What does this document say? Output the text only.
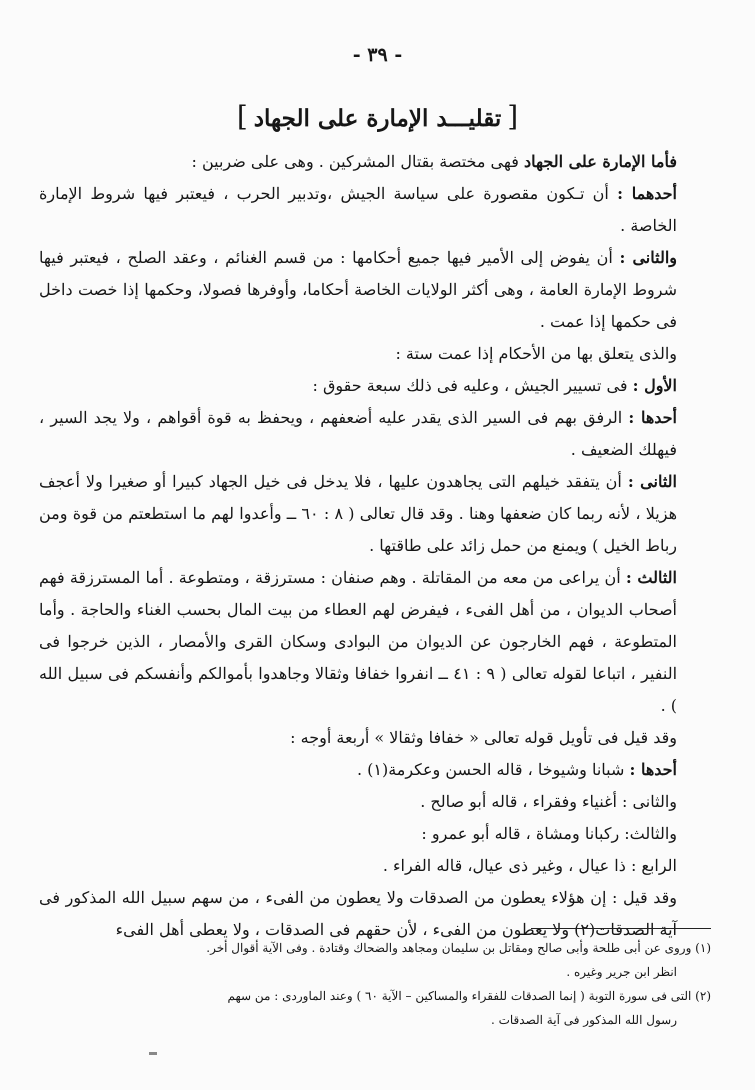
- ٣٩ -
[تقليـــد الإمارة على الجهاد]

فأما الإمارة على الجهاد فهى مختصة بقتال المشركين . وهى على ضربين :

أحدهما : أن تـكون مقصورة على سياسة الجيش ،وتدبير الحرب ، فيعتبر فيها شروط الإمارة الخاصة .

والثانى : أن يفوض إلى الأمير فيها جميع أحكامها : من قسم الغنائم ، وعقد الصلح ، فيعتبر فيها شروط الإمارة العامة ، وهى أكثر الولايات الخاصة أحكاما، وأوفرها فصولا، وحكمها إذا خصت داخل فى حكمها إذا عمت .

والذى يتعلق بها من الأحكام إذا عمت ستة :

الأول : فى تسيير الجيش ، وعليه فى ذلك سبعة حقوق :

أحدها : الرفق بهم فى السير الذى يقدر عليه أضعفهم ، ويحفظ به قوة أقواهم ، ولا يجد السير ، فيهلك الضعيف .

الثانى : أن يتفقد خيلهم التى يجاهدون عليها ، فلا يدخل فى خيل الجهاد كبيرا أو صغيرا ولا أعجف هزيلا ، لأنه ربما كان ضعفها وهنا . وقد قال تعالى ( ٨ : ٦٠ ــ وأعدوا لهم ما استطعتم من قوة ومن رباط الخيل ) ويمنع من حمل زائد على طاقتها .

الثالث : أن يراعى من معه من المقاتلة . وهم صنفان : مسترزقة ، ومتطوعة . أما المسترزقة فهم أصحاب الديوان ، من أهل الفىء ، فيفرض لهم العطاء من بيت المال بحسب الغناء والحاجة . وأما المتطوعة ، فهم الخارجون عن الديوان من البوادى وسكان القرى والأمصار ، الذين خرجوا فى النفير ، اتباعا لقوله تعالى ( ٩ : ٤١ ــ انفروا خفافا وثقالا وجاهدوا بأموالكم وأنفسكم فى سبيل الله ) .

وقد قيل فى تأويل قوله تعالى « خفافا وثقالا » أربعة أوجه :

أحدها : شبانا وشيوخا ، قاله الحسن وعكرمة(١) .

والثانى : أغنياء وفقراء ، قاله أبو صالح .

والثالث: ركبانا ومشاة ، قاله أبو عمرو :

الرابع : ذا عيال ، وغير ذى عيال، قاله الفراء .

وقد قيل : إن هؤلاء يعطون من الصدقات ولا يعطون من الفىء ، من سهم سبيل الله المذكور فى آية الصدقات(٢) ولا يعطون من الفىء ، لأن حقهم فى الصدقات ، ولا يعطى أهل الفىء

(١) وروى عن أبى طلحة وأبى صالح ومقاتل بن سليمان ومجاهد والضحاك وقتادة . وفى الآية أقوال أخر.

انظر ابن جرير وغيره .

(٢) التى فى سورة التوبة ( إنما الصدقات للفقراء والمساكين – الآية ٦٠ ) وعند الماوردى : من سهم

رسول الله المذكور فى آية الصدقات .
